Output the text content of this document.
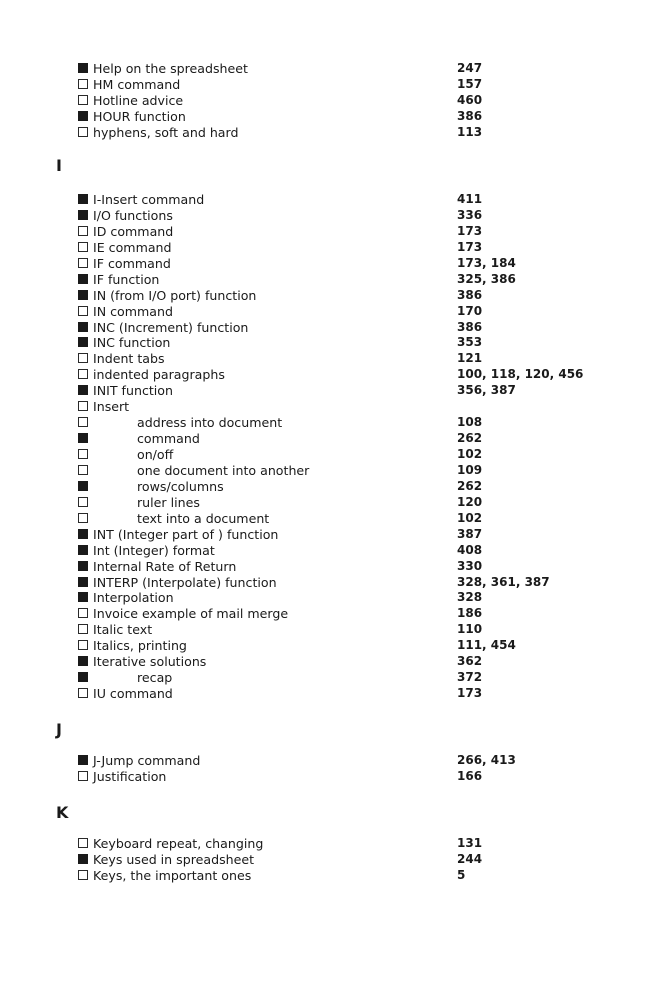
Help on the spreadsheet	247
HM command	157
Hotline advice	460
HOUR function	386
hyphens, soft and hard	113
I
I-Insert command	411
I/O functions	336
ID command	173
IE command	173
IF command	173, 184
IF function	325, 386
IN (from I/O port) function	386
IN command	170
INC (Increment) function	386
INC function	353
Indent tabs	121
indented paragraphs	100, 118, 120, 456
INIT function	356, 387
Insert
address into document	108
command	262
on/off	102
one document into another	109
rows/columns	262
ruler lines	120
text into a document	102
INT (Integer part of ) function	387
Int (Integer) format	408
Internal Rate of Return	330
INTERP (Interpolate) function	328, 361, 387
Interpolation	328
Invoice example of mail merge	186
Italic text	110
Italics, printing	111, 454
Iterative solutions	362
recap	372
IU command	173
J
J-Jump command	266, 413
Justification	166
K
Keyboard repeat, changing	131
Keys used in spreadsheet	244
Keys, the important ones	5
